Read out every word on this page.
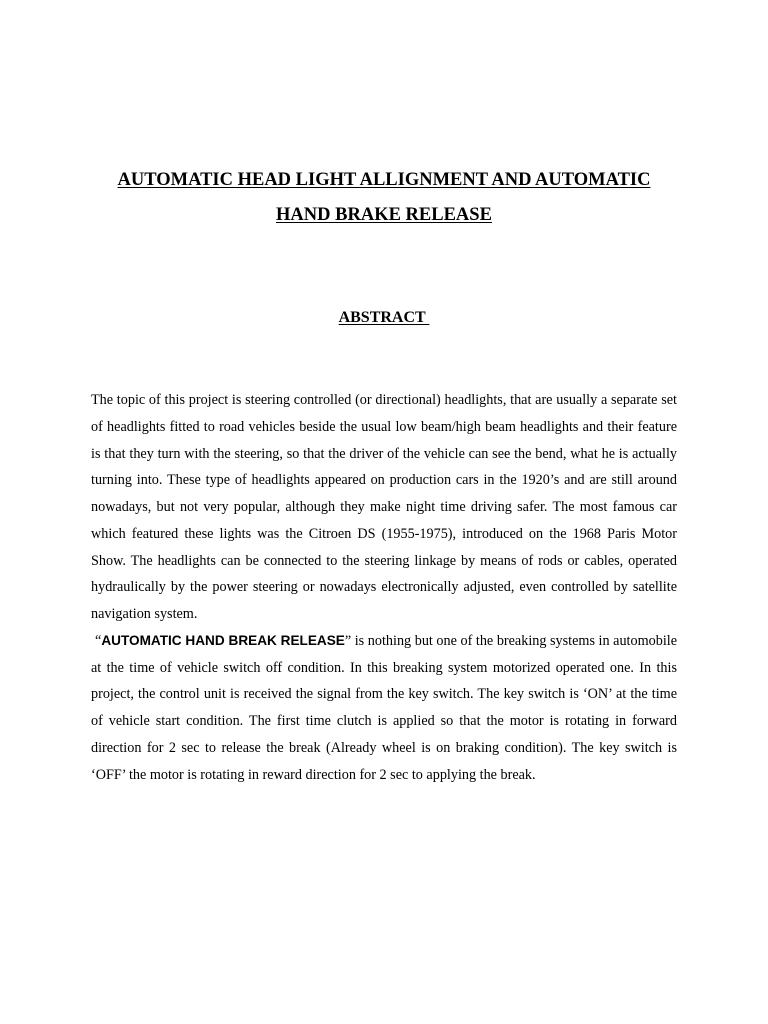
AUTOMATIC HEAD LIGHT ALLIGNMENT AND AUTOMATIC
HAND BRAKE RELEASE
ABSTRACT

The topic of this project is steering controlled (or directional) headlights, that are usually a separate set of headlights fitted to road vehicles beside the usual low beam/high beam headlights and their feature is that they turn with the steering, so that the driver of the vehicle can see the bend, what he is actually turning into. These type of headlights appeared on production cars in the 1920’s and are still around nowadays, but not very popular, although they make night time driving safer. The most famous car which featured these lights was the Citroen DS (1955-1975), introduced on the 1968 Paris Motor Show. The headlights can be connected to the steering linkage by means of rods or cables, operated hydraulically by the power steering or nowadays electronically adjusted, even controlled by satellite navigation system.

“AUTOMATIC HAND BREAK RELEASE” is nothing but one of the breaking systems in automobile at the time of vehicle switch off condition. In this breaking system motorized operated one. In this project, the control unit is received the signal from the key switch. The key switch is ‘ON’ at the time of vehicle start condition. The first time clutch is applied so that the motor is rotating in forward direction for 2 sec to release the break (Already wheel is on braking condition). The key switch is ‘OFF’ the motor is rotating in reward direction for 2 sec to applying the break.
